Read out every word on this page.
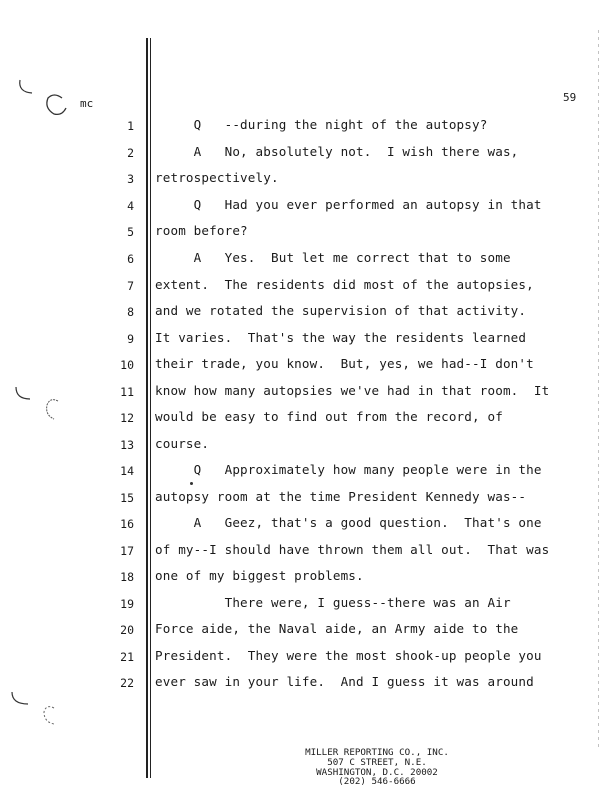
mc	59
1 Q   --during the night of the autopsy?
2 A   No, absolutely not.  I wish there was,
3 retrospectively.
4 Q   Had you ever performed an autopsy in that
5 room before?
6 A   Yes.  But let me correct that to some
7 extent.  The residents did most of the autopsies,
8 and we rotated the supervision of that activity.
9 It varies.  That's the way the residents learned
10 their trade, you know.  But, yes, we had--I don't
11 know how many autopsies we've had in that room.  It
12 would be easy to find out from the record, of
13 course.
14 Q   Approximately how many people were in the
15 autopsy room at the time President Kennedy was--
16 A   Geez, that's a good question.  That's one
17 of my--I should have thrown them all out.  That was
18 one of my biggest problems.
19 There were, I guess--there was an Air
20 Force aide, the Naval aide, an Army aide to the
21 President.  They were the most shook-up people you
22 ever saw in your life.  And I guess it was around
MILLER REPORTING CO., INC.
507 C STREET, N.E.
WASHINGTON, D.C. 20002
(202) 546-6666
